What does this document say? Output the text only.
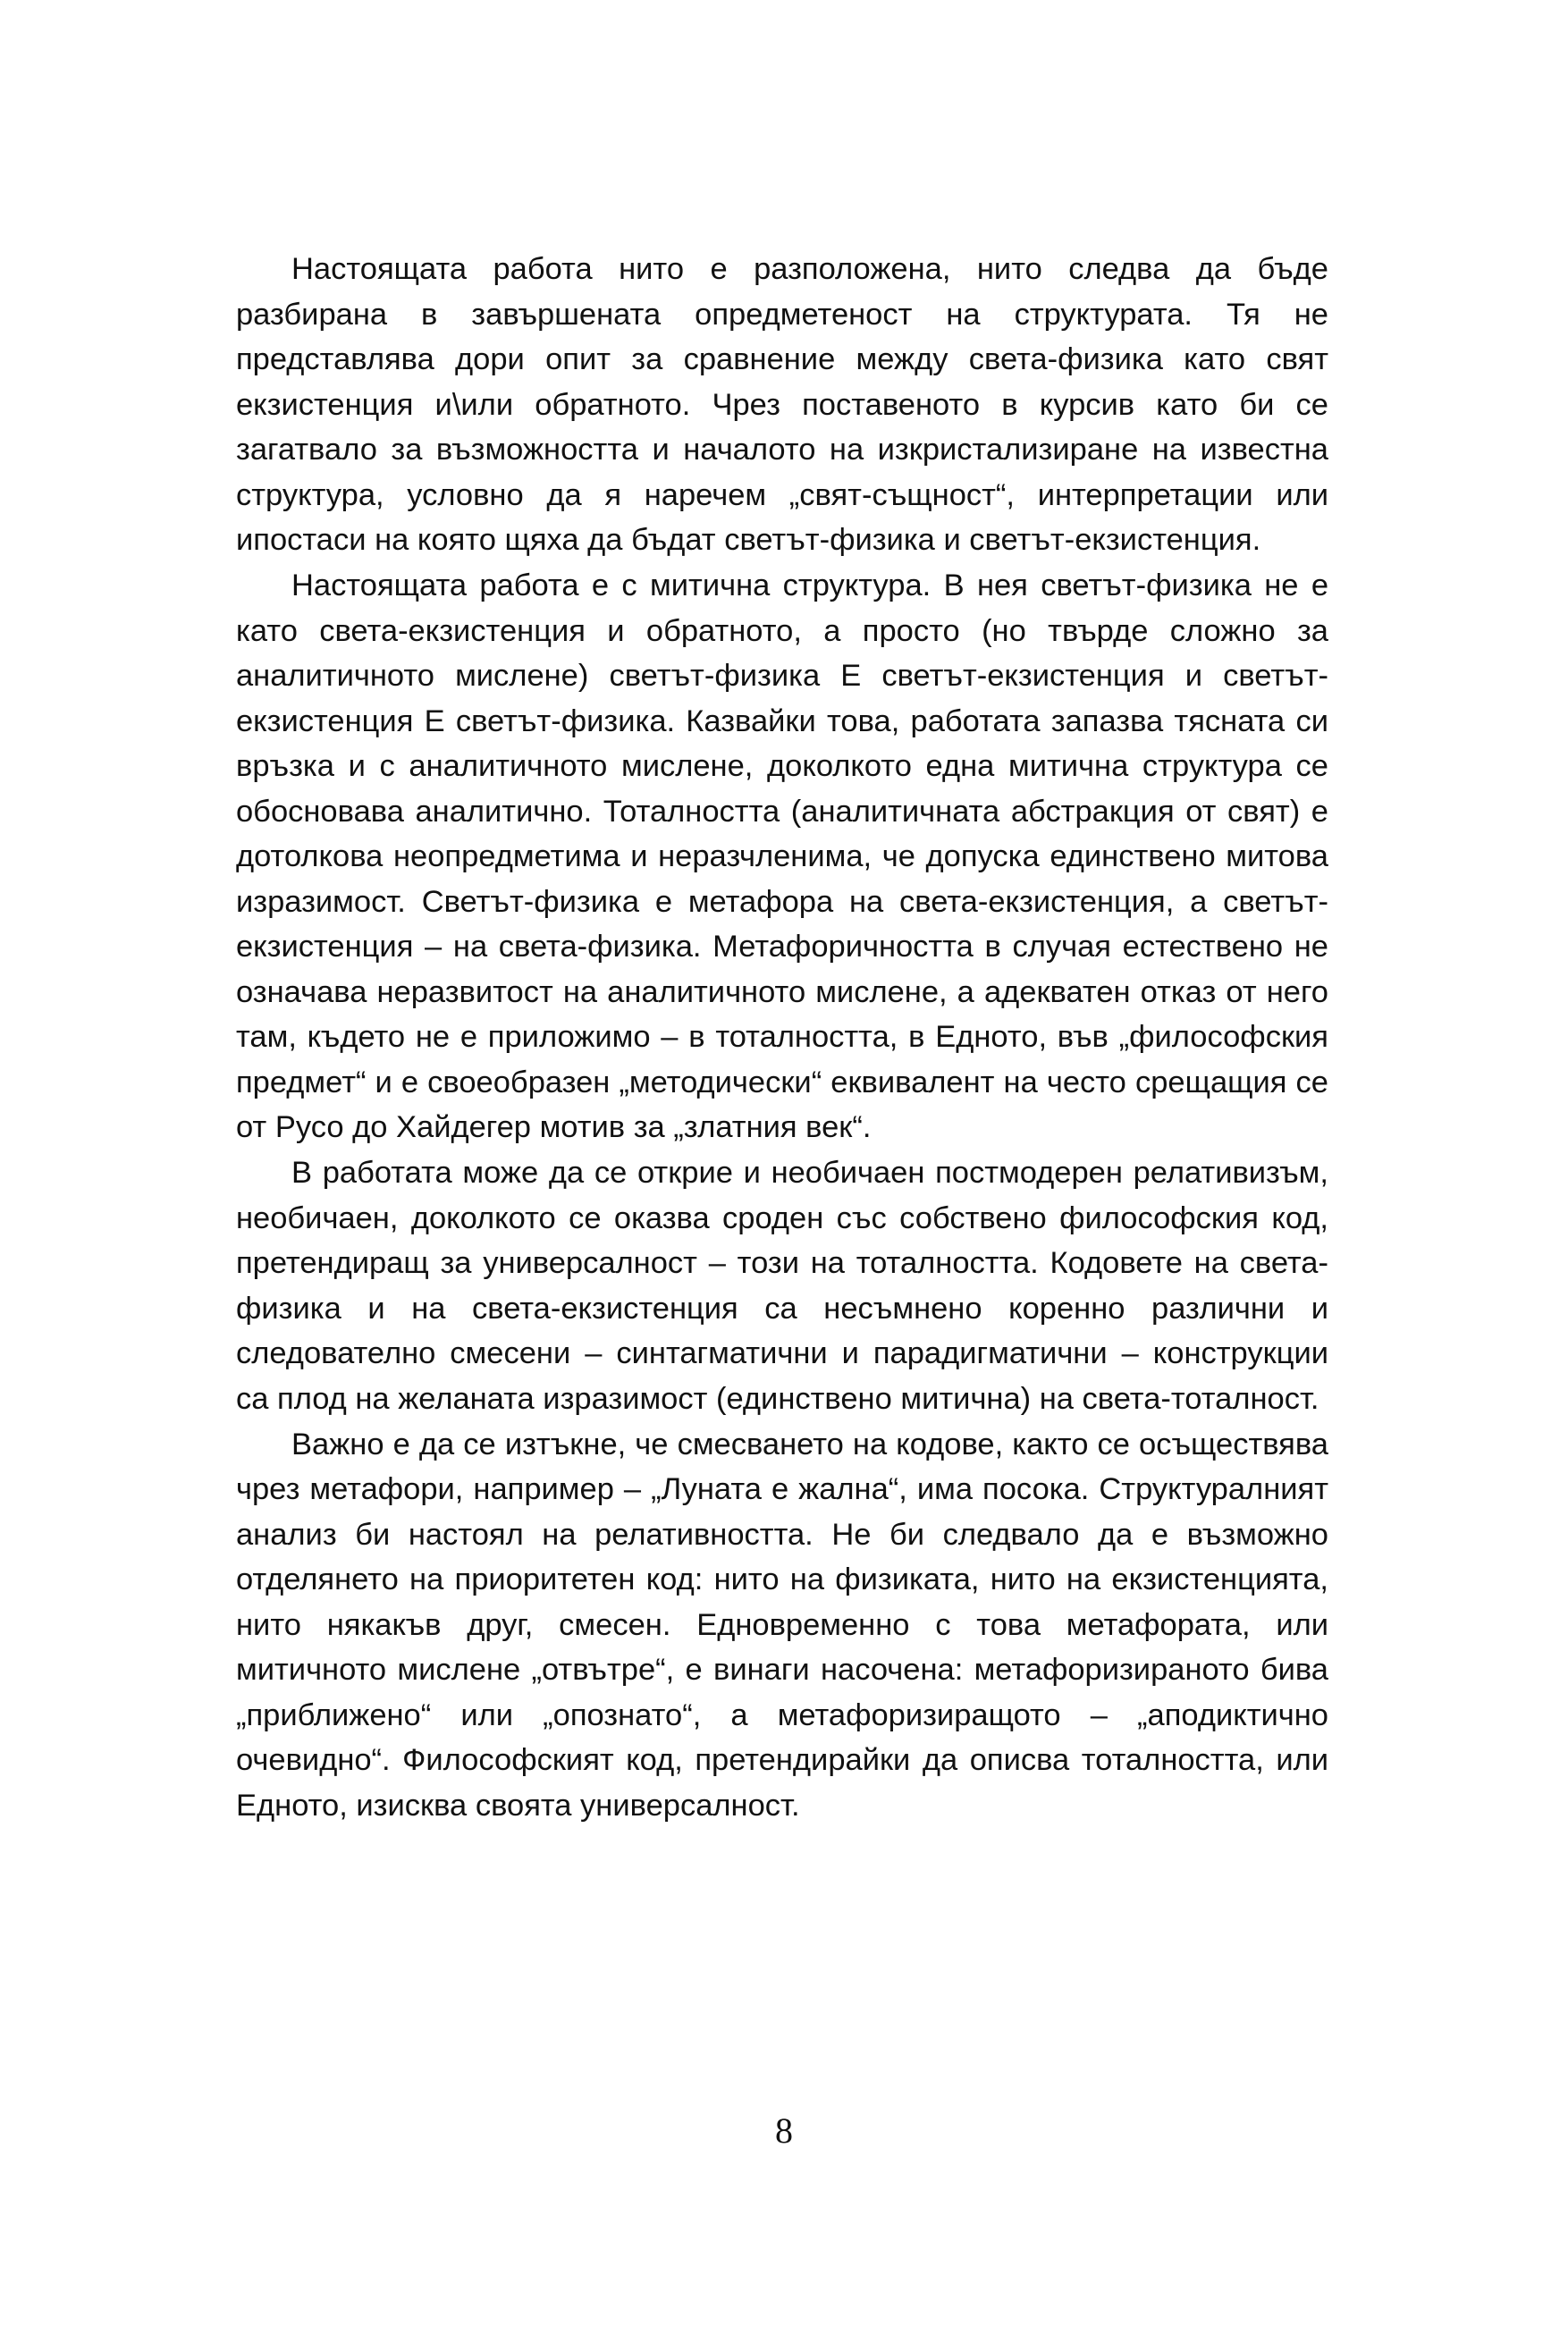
Настоящата работа нито е разположена, нито следва да бъде разбирана в завършената опредметеност на структурата. Тя не представлява дори опит за сравнение между света-физика като свят екзистенция и\или обратното. Чрез поставеното в курсив като би се загатвало за възможността и началото на изкристализиране на известна структура, условно да я наречем „свят-същност“, интерпретации или ипостаси на която щяха да бъдат светът-физика и светът-екзистенция.

Настоящата работа е с митична структура. В нея светът-физика не е като света-екзистенция и обратното, а просто (но твърде сложно за аналитичното мислене) светът-физика Е светът-екзистенция и светът-екзистенция Е светът-физика. Казвайки това, работата запазва тясната си връзка и с аналитичното мислене, доколкото една митична структура се обосновава аналитично. Тоталността (аналитичната абстракция от свят) е дотолкова неопредметима и неразчленима, че допуска единствено митова изразимост. Светът-физика е метафора на света-екзистенция, а светът-екзистенция – на света-физика. Метафоричността в случая естествено не означава неразвитост на аналитичното мислене, а адекватен отказ от него там, където не е приложимо – в тоталността, в Едното, във „философския предмет“ и е своеобразен „методически“ еквивалент на често срещащия се от Русо до Хайдегер мотив за „златния век“.

В работата може да се открие и необичаен постмодерен релативизъм, необичаен, доколкото се оказва сроден със собствено философския код, претендиращ за универсалност – този на тоталността. Кодовете на света-физика и на света-екзистенция са несъмнено коренно различни и следователно смесени – синтагматични и парадигматични – конструкции са плод на желаната изразимост (единствено митична) на света-тоталност.

Важно е да се изтъкне, че смесването на кодове, както се осъществява чрез метафори, например – „Луната е жална“, има посока. Структуралният анализ би настоял на релативността. Не би следвало да е възможно отделянето на приоритетен код: нито на физиката, нито на екзистенцията, нито някакъв друг, смесен. Едновременно с това метафората, или митичното мислене „отвътре“, е винаги насочена: метафоризираното бива „приближено“ или „опознато“, а метафоризиращото – „аподиктично очевидно“. Философският код, претендирайки да описва тоталността, или Едното, изисква своята универсалност.

8
